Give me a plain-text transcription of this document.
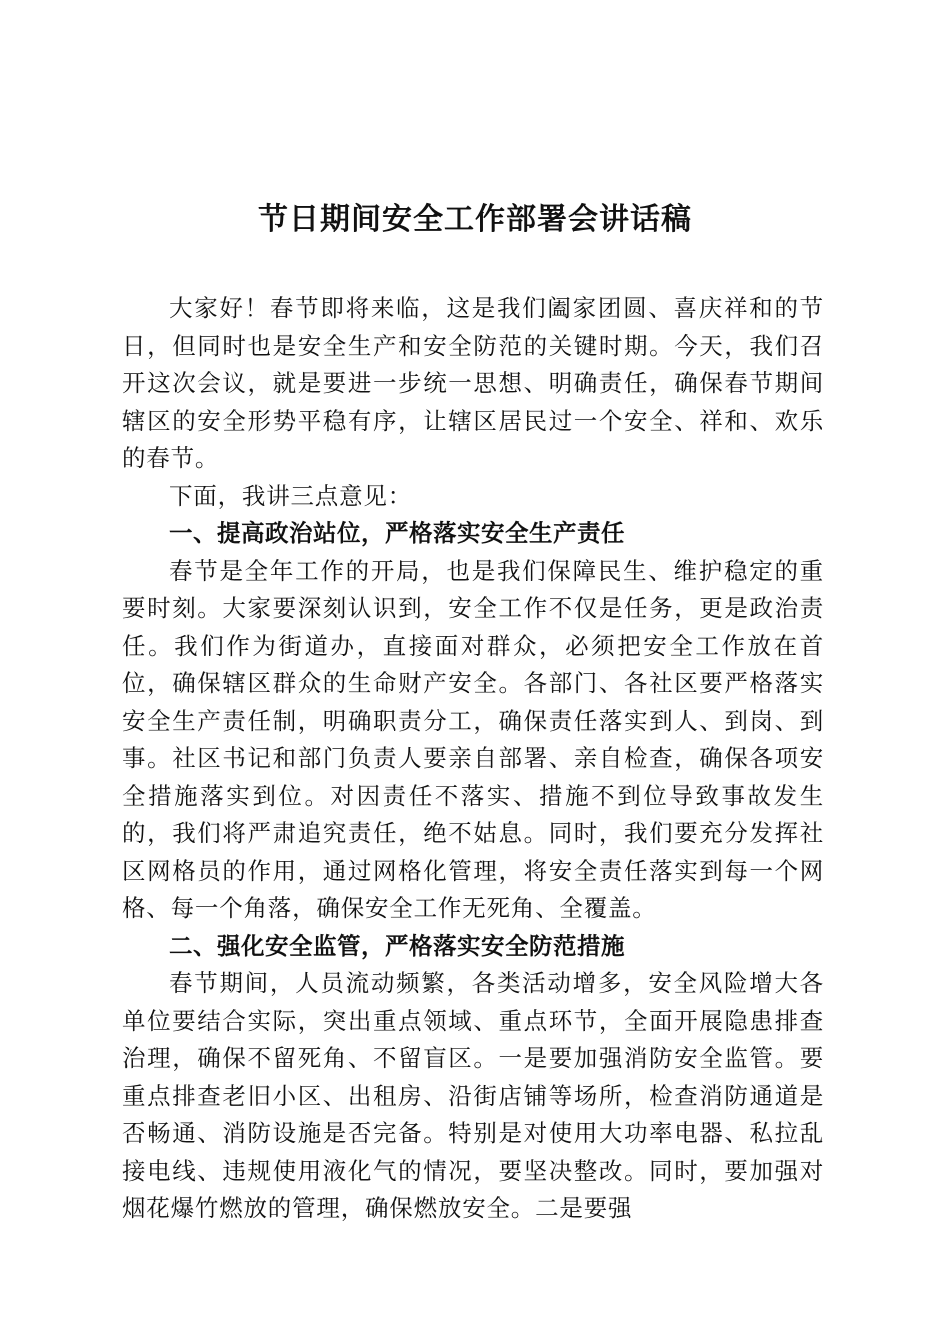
节日期间安全工作部署会讲话稿

大家好！春节即将来临，这是我们阖家团圆、喜庆祥和的节日，但同时也是安全生产和安全防范的关键时期。今天，我们召开这次会议，就是要进一步统一思想、明确责任，确保春节期间辖区的安全形势平稳有序，让辖区居民过一个安全、祥和、欢乐的春节。

下面，我讲三点意见：

一、提高政治站位，严格落实安全生产责任

春节是全年工作的开局，也是我们保障民生、维护稳定的重要时刻。大家要深刻认识到，安全工作不仅是任务，更是政治责任。我们作为街道办，直接面对群众，必须把安全工作放在首位，确保辖区群众的生命财产安全。各部门、各社区要严格落实安全生产责任制，明确职责分工，确保责任落实到人、到岗、到事。社区书记和部门负责人要亲自部署、亲自检查，确保各项安全措施落实到位。对因责任不落实、措施不到位导致事故发生的，我们将严肃追究责任，绝不姑息。同时，我们要充分发挥社区网格员的作用，通过网格化管理，将安全责任落实到每一个网格、每一个角落，确保安全工作无死角、全覆盖。

二、强化安全监管，严格落实安全防范措施

春节期间，人员流动频繁，各类活动增多，安全风险增大各单位要结合实际，突出重点领域、重点环节，全面开展隐患排查治理，确保不留死角、不留盲区。一是要加强消防安全监管。要重点排查老旧小区、出租房、沿街店铺等场所，检查消防通道是否畅通、消防设施是否完备。特别是对使用大功率电器、私拉乱接电线、违规使用液化气的情况，要坚决整改。同时，要加强对烟花爆竹燃放的管理，确保燃放安全。二是要强
